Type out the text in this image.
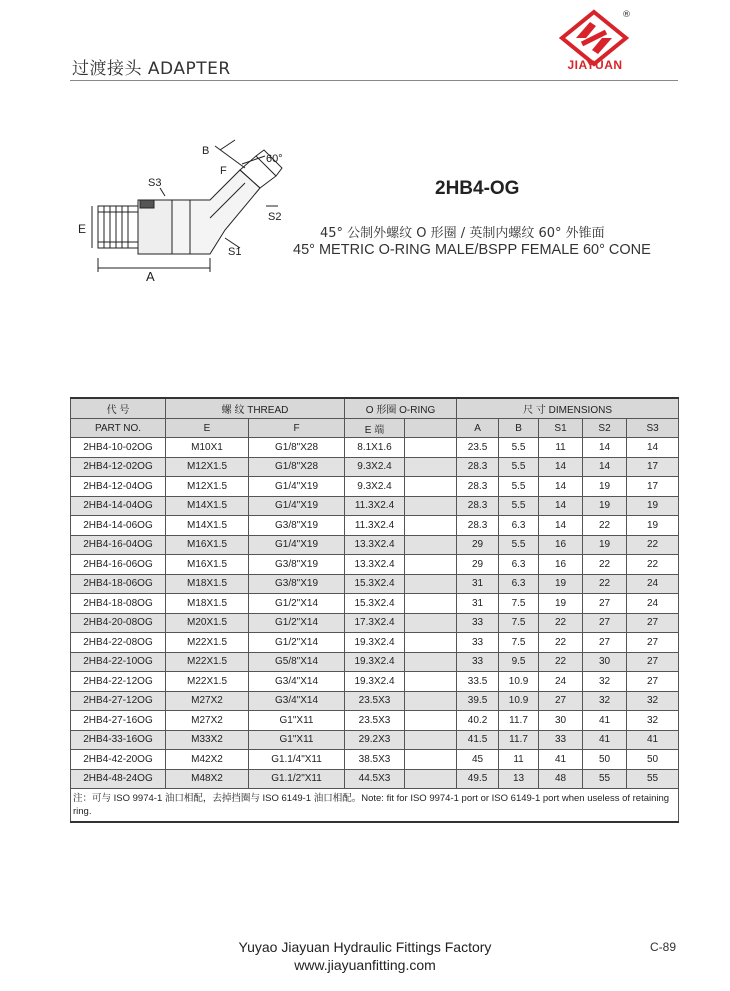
过渡接头 ADAPTER
®
JIAYUAN
S3
E
A
B
F
60°
S2
S1
2HB4-OG
45° 公制外螺纹 O 形圈 / 英制内螺纹 60° 外锥面
45° METRIC O-RING MALE/BSPP FEMALE 60° CONE
代 号	螺 纹 THREAD		O 形圈 O-RING		尺 寸 DIMENSIONS				
PART NO.	E	F	E 端		A	B	S1	S2	S3
2HB4-10-02OG	M10X1	G1/8"X28	8.1X1.6		23.5	5.5	11	14	14
2HB4-12-02OG	M12X1.5	G1/8"X28	9.3X2.4		28.3	5.5	14	14	17
2HB4-12-04OG	M12X1.5	G1/4"X19	9.3X2.4		28.3	5.5	14	19	17
2HB4-14-04OG	M14X1.5	G1/4"X19	11.3X2.4		28.3	5.5	14	19	19
2HB4-14-06OG	M14X1.5	G3/8"X19	11.3X2.4		28.3	6.3	14	22	19
2HB4-16-04OG	M16X1.5	G1/4"X19	13.3X2.4		29	5.5	16	19	22
2HB4-16-06OG	M16X1.5	G3/8"X19	13.3X2.4		29	6.3	16	22	22
2HB4-18-06OG	M18X1.5	G3/8"X19	15.3X2.4		31	6.3	19	22	24
2HB4-18-08OG	M18X1.5	G1/2"X14	15.3X2.4		31	7.5	19	27	24
2HB4-20-08OG	M20X1.5	G1/2"X14	17.3X2.4		33	7.5	22	27	27
2HB4-22-08OG	M22X1.5	G1/2"X14	19.3X2.4		33	7.5	22	27	27
2HB4-22-10OG	M22X1.5	G5/8"X14	19.3X2.4		33	9.5	22	30	27
2HB4-22-12OG	M22X1.5	G3/4"X14	19.3X2.4		33.5	10.9	24	32	27
2HB4-27-12OG	M27X2	G3/4"X14	23.5X3		39.5	10.9	27	32	32
2HB4-27-16OG	M27X2	G1"X11	23.5X3		40.2	11.7	30	41	32
2HB4-33-16OG	M33X2	G1"X11	29.2X3		41.5	11.7	33	41	41
2HB4-42-20OG	M42X2	G1.1/4"X11	38.5X3		45	11	41	50	50
2HB4-48-24OG	M48X2	G1.1/2"X11	44.5X3		49.5	13	48	55	55
注：可与 ISO 9974-1 油口相配，去掉挡圈与 ISO 6149-1 油口相配。Note: fit for ISO 9974-1 port or ISO 6149-1 port when useless of retaining ring.									
Yuyao Jiayuan Hydraulic Fittings Factory
www.jiayuanfitting.com
C-89
